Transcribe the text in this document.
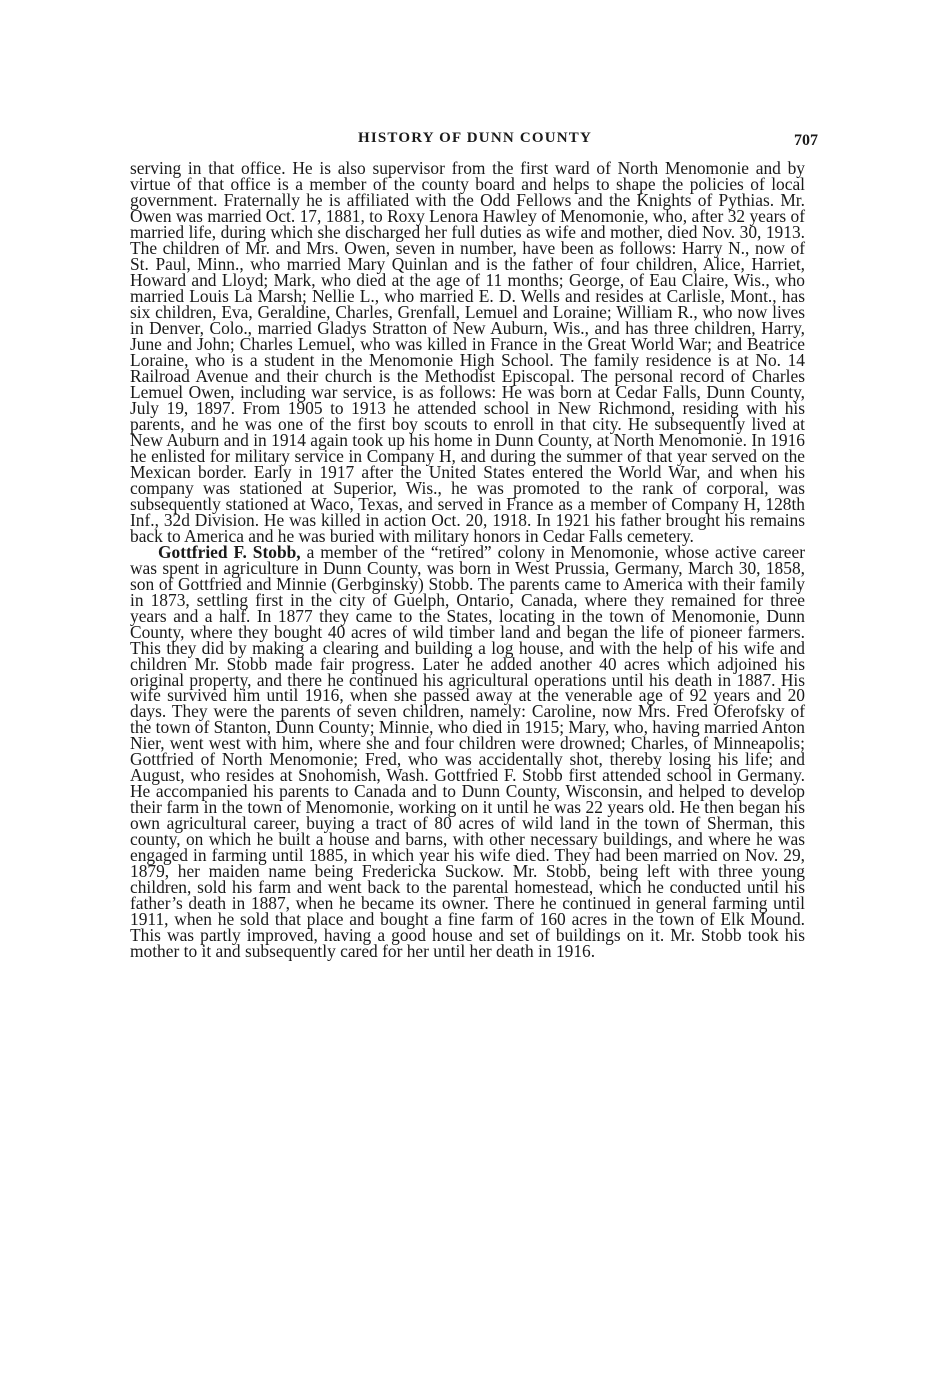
HISTORY OF DUNN COUNTY	707

serving in that office. He is also supervisor from the first ward of North Menomonie and by virtue of that office is a member of the county board and helps to shape the policies of local government. Fraternally he is affiliated with the Odd Fellows and the Knights of Pythias. Mr. Owen was married Oct. 17, 1881, to Roxy Lenora Hawley of Menomonie, who, after 32 years of married life, during which she discharged her full duties as wife and mother, died Nov. 30, 1913. The children of Mr. and Mrs. Owen, seven in number, have been as follows: Harry N., now of St. Paul, Minn., who married Mary Quinlan and is the father of four children, Alice, Harriet, Howard and Lloyd; Mark, who died at the age of 11 months; George, of Eau Claire, Wis., who married Louis La Marsh; Nellie L., who married E. D. Wells and resides at Carlisle, Mont., has six children, Eva, Geraldine, Charles, Grenfall, Lemuel and Loraine; William R., who now lives in Denver, Colo., married Gladys Stratton of New Auburn, Wis., and has three children, Harry, June and John; Charles Lemuel, who was killed in France in the Great World War; and Beatrice Loraine, who is a student in the Menomonie High School. The family residence is at No. 14 Railroad Avenue and their church is the Methodist Episcopal. The personal record of Charles Lemuel Owen, including war service, is as follows: He was born at Cedar Falls, Dunn County, July 19, 1897. From 1905 to 1913 he attended school in New Richmond, residing with his parents, and he was one of the first boy scouts to enroll in that city. He subsequently lived at New Auburn and in 1914 again took up his home in Dunn County, at North Menomonie. In 1916 he enlisted for military service in Company H, and during the summer of that year served on the Mexican border. Early in 1917 after the United States entered the World War, and when his company was stationed at Superior, Wis., he was promoted to the rank of corporal, was subsequently stationed at Waco, Texas, and served in France as a member of Company H, 128th Inf., 32d Division. He was killed in action Oct. 20, 1918. In 1921 his father brought his remains back to America and he was buried with military honors in Cedar Falls cemetery.

Gottfried F. Stobb, a member of the “retired” colony in Menomonie, whose active career was spent in agriculture in Dunn County, was born in West Prussia, Germany, March 30, 1858, son of Gottfried and Minnie (Gerbginsky) Stobb. The parents came to America with their family in 1873, settling first in the city of Guelph, Ontario, Canada, where they remained for three years and a half. In 1877 they came to the States, locating in the town of Menomonie, Dunn County, where they bought 40 acres of wild timber land and began the life of pioneer farmers. This they did by making a clearing and building a log house, and with the help of his wife and children Mr. Stobb made fair progress. Later he added another 40 acres which adjoined his original property, and there he continued his agricultural operations until his death in 1887. His wife survived him until 1916, when she passed away at the venerable age of 92 years and 20 days. They were the parents of seven children, namely: Caroline, now Mrs. Fred Oferofsky of the town of Stanton, Dunn County; Minnie, who died in 1915; Mary, who, having married Anton Nier, went west with him, where she and four children were drowned; Charles, of Minneapolis; Gottfried of North Menomonie; Fred, who was accidentally shot, thereby losing his life; and August, who resides at Snohomish, Wash. Gottfried F. Stobb first attended school in Germany. He accompanied his parents to Canada and to Dunn County, Wisconsin, and helped to develop their farm in the town of Menomonie, working on it until he was 22 years old. He then began his own agricultural career, buying a tract of 80 acres of wild land in the town of Sherman, this county, on which he built a house and barns, with other necessary buildings, and where he was engaged in farming until 1885, in which year his wife died. They had been married on Nov. 29, 1879, her maiden name being Fredericka Suckow. Mr. Stobb, being left with three young children, sold his farm and went back to the parental homestead, which he conducted until his father’s death in 1887, when he became its owner. There he continued in general farming until 1911, when he sold that place and bought a fine farm of 160 acres in the town of Elk Mound. This was partly improved, having a good house and set of buildings on it. Mr. Stobb took his mother to it and subsequently cared for her until her death in 1916.
